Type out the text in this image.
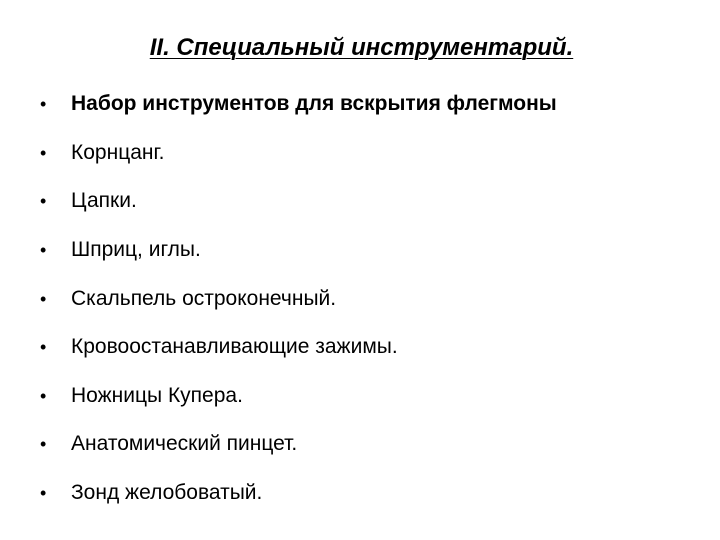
II. Специальный инструментарий.
•	Набор инструментов для вскрытия флегмоны
•	Корнцанг.
•	Цапки.
•	Шприц, иглы.
•	Скальпель остроконечный.
•	Кровоостанавливающие зажимы.
•	Ножницы Купера.
•	Анатомический пинцет.
•	Зонд желобоватый.
